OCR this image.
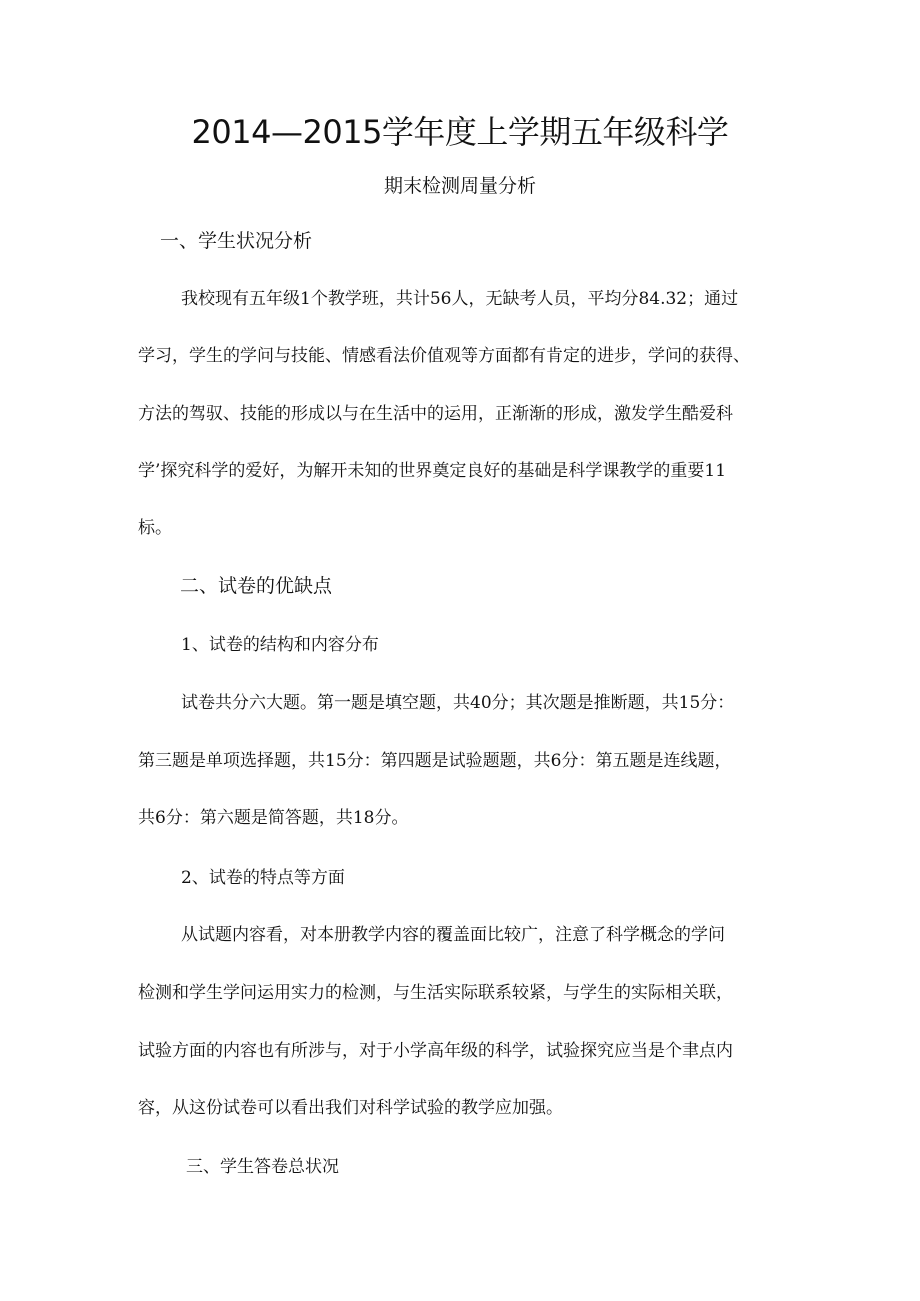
2014—2015学年度上学期五年级科学
期末检测周量分析
一、学生状况分析
我校现有五年级1个教学班，共计56人，无缺考人员，平均分84.32；通过
学习，学生的学问与技能、情感看法价值观等方面都有肯定的进步，学问的获得、
方法的驾驭、技能的形成以与在生活中的运用，正渐渐的形成，激发学生酷爱科
学’探究科学的爱好，为解开未知的世界奠定良好的基础是科学课教学的重要11
标。
二、试卷的优缺点
1、试卷的结构和内容分布
试卷共分六大题。第一题是填空题，共40分；其次题是推断题，共15分：
第三题是单项选择题，共15分：第四题是试验题题，共6分：第五题是连线题，
共6分：第六题是简答题，共18分。
2、试卷的特点等方面
从试题内容看，对本册教学内容的覆盖面比较广，注意了科学概念的学问
检测和学生学问运用实力的检测，与生活实际联系较紧，与学生的实际相关联，
试验方面的内容也有所涉与，对于小学高年级的科学，试验探究应当是个聿点内
容，从这份试卷可以看出我们对科学试验的教学应加强。
三、学生答卷总状况
